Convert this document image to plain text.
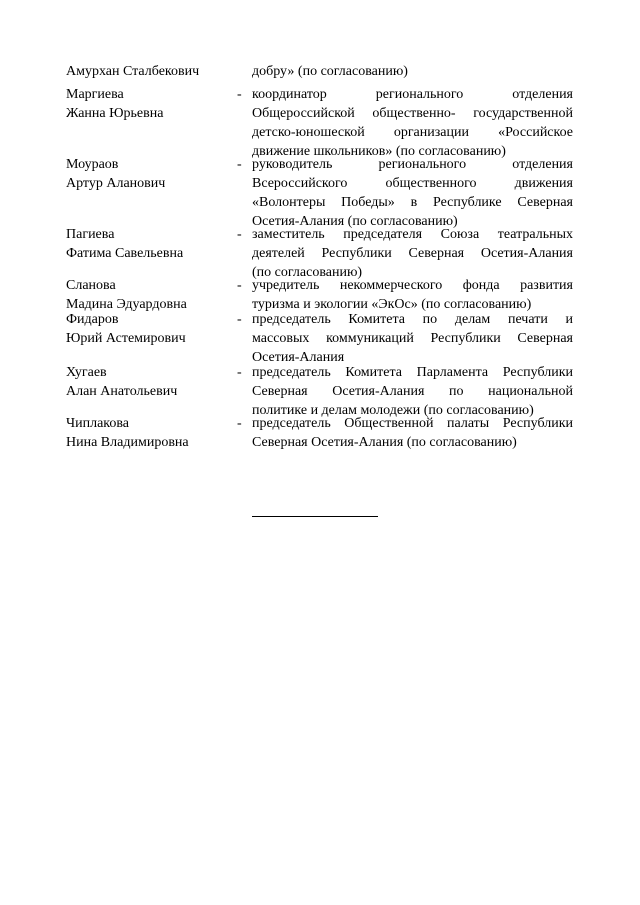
Амурхан Сталбекович	добру» (по согласованию)
Маргиева
Жанна Юрьевна
- координатор регионального отделения
Общероссийской общественно- государственной
детско-юношеской организации «Российское
движение школьников» (по согласованию)
Моураов
Артур Аланович
- руководитель регионального отделения
Всероссийского общественного движения
«Волонтеры Победы» в Республике Северная
Осетия-Алания (по согласованию)
Пагиева
Фатима Савельевна
- заместитель председателя Союза театральных
деятелей Республики Северная Осетия-Алания
(по согласованию)
Сланова
Мадина Эдуардовна
- учредитель некоммерческого фонда развития
туризма и экологии «ЭкОс» (по согласованию)
Фидаров
Юрий Астемирович
- председатель Комитета по делам печати и
массовых коммуникаций Республики Северная
Осетия-Алания
Хугаев
Алан Анатольевич
- председатель Комитета Парламента Республики
Северная Осетия-Алания по национальной
политике и делам молодежи (по согласованию)
Чиплакова
Нина Владимировна
- председатель Общественной палаты Республики
Северная Осетия-Алания (по согласованию)
